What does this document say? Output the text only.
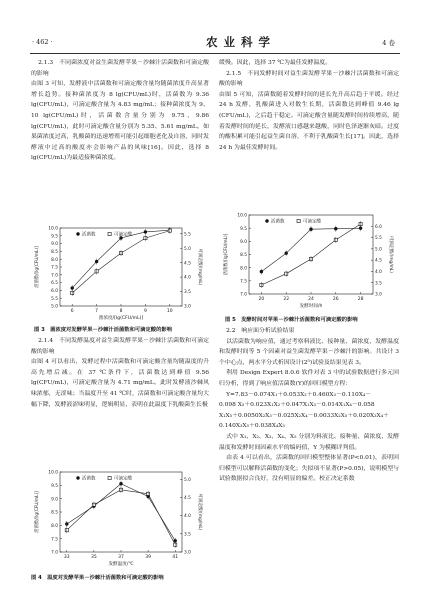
· 462 ·	农 业 科 学	4 卷

2.1.3　不同菌浓度对益生菌发酵苹果－沙棘汁活菌数和可滴定酸的影响

由图 3 可知，发酵液中活菌数和可滴定酸含量均随菌浓度升高显著增长趋势。接种菌浓度为 8 lg(CFU/mL)时，活菌数为 9.36 lg(CFU/mL)，可滴定酸含量为 4.83 mg/mL；接种菌浓度为 9、10 lg(CFU/mL)时，活菌数含量分别为 9.75、9.86 lg(CFU/mL)，此时可滴定酸含量分别为 5.35、5.61 mg/mL。如果菌浓度过高，乳酸菌的迅速增殖可能引起细胞老化及自溶，同时发酵液中过高的酸度亦会影响产品的风味[16]。因此，选择 8 lg(CFU/mL)为最适接种菌浓度。

5.0
5.5
6.0
6.5
7.0
7.5
8.0
8.5
9.0
9.5
10.0
3.0
3.5
4.0
4.5
5.0
5.5
6	7	8	9	10
菌浓度/[lg(CFU/mL)]
活菌数/[lg(CFU/mL)]	可滴定酸/(mg/mL)
活菌数	可滴定酸
图 3　菌浓度对发酵苹果－沙棘汁活菌数和可滴定酸的影响

2.1.4　不同发酵温度对益生菌发酵苹果－沙棘汁活菌数和可滴定酸的影响

由图 4 可以看出，发酵过程中活菌数和可滴定酸含量均随温度的升高先增后减。在 37 ℃条件下，活菌数达到峰值 9.56 lg(CFU/mL)，可滴定酸含量为 4.71 mg/mL。此时发酵液沙棘风味浓郁，无涩味；当温度升至 41 ℃时，活菌数和可滴定酸含量均大幅下降，发酵液涩味明显，逻辑明显，表明在此温度下乳酸菌生长极

7.0
7.5
8.0
8.5
9.0
9.5
10.0
3.0
3.5
4.0
4.5
5.0
33	35	37	39	41
发酵温度/℃
活菌数/[lg(CFU/mL)]	可滴定酸/(mg/mL)
活菌数	可滴定酸
图 4　温度对发酵苹果－沙棘汁活菌数和可滴定酸的影响

缓慢。因此，选择 37 ℃为最佳发酵温度。

2.1.5　不同发酵时间对益生菌发酵苹果－沙棘汁活菌数和可滴定酸的影响

由图 5 可知，活菌数随着发酵时间的延长先升高后趋于平缓。经过 24 h 发酵，乳酸菌进入对数生长期，活菌数达到峰值 9.46 lg (CFU/mL)，之后趋于稳定。可滴定酸含量随发酵时间持续增高，随着发酵时间的延长，发酵液口感越来越酸，同时色泽逐渐灰暗。过度的酸积累可能引起益生菌自溶，不利于乳酸菌生长[17]。因此，选择 24 h 为最佳发酵时间。

7.0
7.5
8.0
8.5
9.0
9.5
10.0
3.0
3.5
4.0
4.5
5.0
5.5
6.0
20	22	24	26	28
发酵时间/h
活菌数/[lg(CFU/mL)]	可滴定酸/(mg/mL)
活菌数	可滴定酸
图 5　发酵时间对苹果－沙棘汁活菌数和可滴定酸的影响

2.2　响应面分析试验结果

以活菌数为响应值，通过考察料液比、接种量、菌浓度、发酵温度和发酵时间等 5 个因素对益生菌发酵苹果－沙棘汁的影响。共设计 3 个中心点，两水平分式析因设计(2⁵)试验及结果见表 3。

利用 Design Expert 8.0.6 软件对表 3 中的试验数据进行多元回归分析，得到了响应值活菌数(Y)的回归模型方程：

Y=7.83－0.074X₁＋0.053X₂＋0.460X₃－0.110X₄－

0.098 X₅＋0.023X₁X₂＋0.047X₁X₃－0.014X₁X₄－0.058

X₁X₅＋0.0050X₂X₃－0.025X₂X₄－0.0033X₂X₅＋0.020X₃X₄＋

0.140X₃X₅＋0.038X₄X₅

式中 X₁、X₂、X₃、X₄、X₅ 分别为料液比、接种量、菌浓度、发酵温度和发酵时间因素水平的编码值，Y 为模糊评判值。

由表 4 可以看出，活菌数的回归模型整体显著(P<0.01)，表明回归模型可以解释活菌数的变化；失拟项不显著(P>0.05)，说明模型与试验数据拟合良好，没有明显的偏差。校正决定系数
